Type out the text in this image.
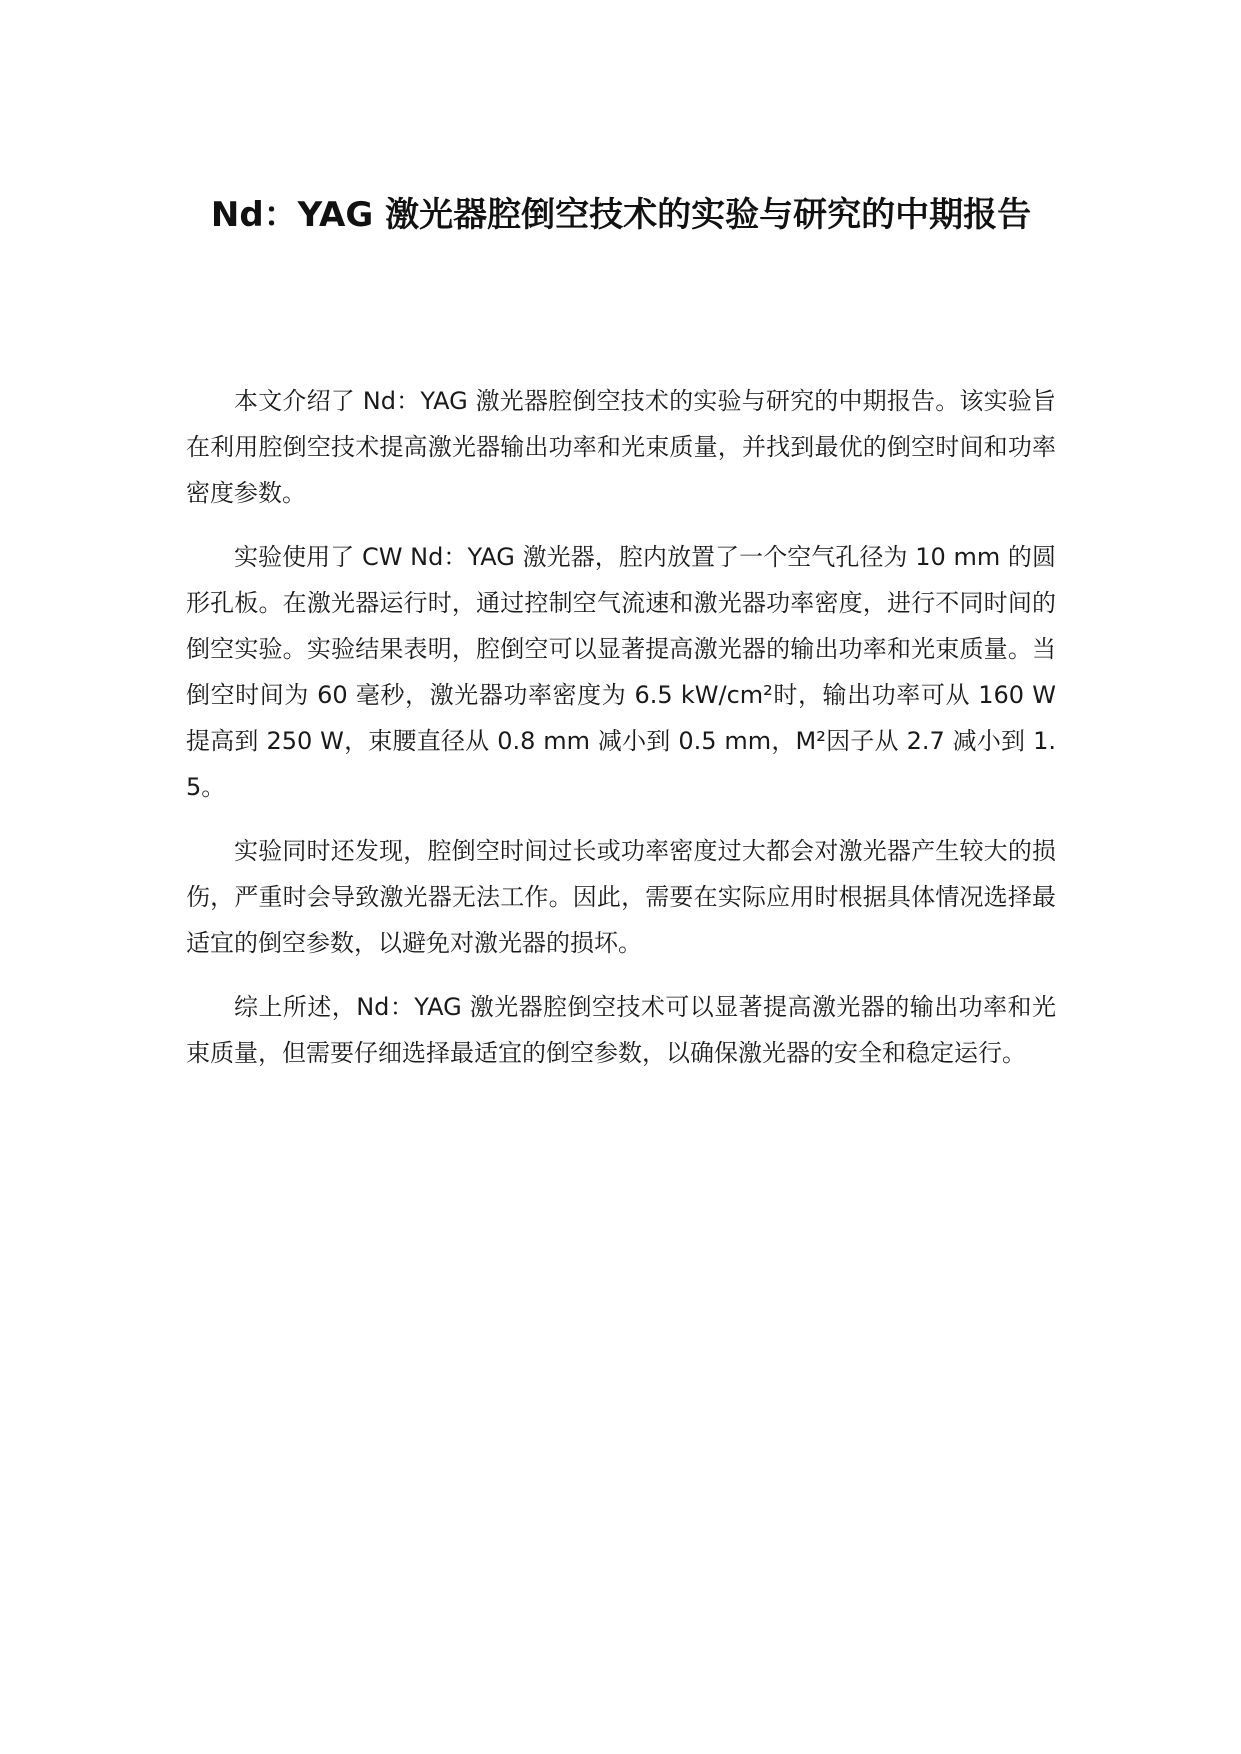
Nd：YAG 激光器腔倒空技术的实验与研究的中期报告

本文介绍了 Nd：YAG 激光器腔倒空技术的实验与研究的中期报告。该实验旨在利用腔倒空技术提高激光器输出功率和光束质量，并找到最优的倒空时间和功率密度参数。

实验使用了 CW Nd：YAG 激光器，腔内放置了一个空气孔径为 10 mm 的圆形孔板。在激光器运行时，通过控制空气流速和激光器功率密度，进行不同时间的倒空实验。实验结果表明，腔倒空可以显著提高激光器的输出功率和光束质量。当倒空时间为 60 毫秒，激光器功率密度为 6.5 kW/cm²时，输出功率可从 160 W 提高到 250 W，束腰直径从 0.8 mm 减小到 0.5 mm，M²因子从 2.7 减小到 1.5。

实验同时还发现，腔倒空时间过长或功率密度过大都会对激光器产生较大的损伤，严重时会导致激光器无法工作。因此，需要在实际应用时根据具体情况选择最适宜的倒空参数，以避免对激光器的损坏。

综上所述，Nd：YAG 激光器腔倒空技术可以显著提高激光器的输出功率和光束质量，但需要仔细选择最适宜的倒空参数，以确保激光器的安全和稳定运行。
